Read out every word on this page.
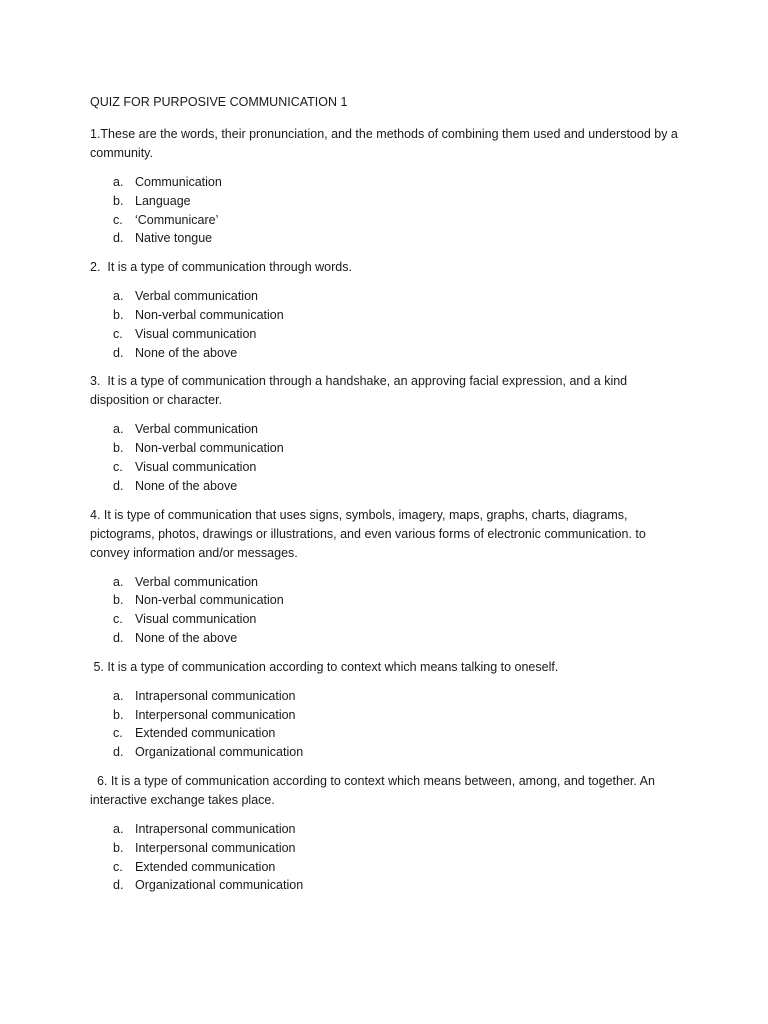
QUIZ FOR PURPOSIVE COMMUNICATION 1

1.These are the words, their pronunciation, and the methods of combining them used and understood by a community.

a. Communication
b. Language
c. ‘Communicare’
d. Native tongue

2.  It is a type of communication through words.

a. Verbal communication
b. Non-verbal communication
c. Visual communication
d. None of the above

3.  It is a type of communication through a handshake, an approving facial expression, and a kind disposition or character.

a. Verbal communication
b. Non-verbal communication
c. Visual communication
d. None of the above

4. It is type of communication that uses signs, symbols, imagery, maps, graphs, charts, diagrams, pictograms, photos, drawings or illustrations, and even various forms of electronic communication. to convey information and/or messages.

a. Verbal communication
b. Non-verbal communication
c. Visual communication
d. None of the above

5. It is a type of communication according to context which means talking to oneself.

a. Intrapersonal communication
b. Interpersonal communication
c. Extended communication
d. Organizational communication

6. It is a type of communication according to context which means between, among, and together. An interactive exchange takes place.

a. Intrapersonal communication
b. Interpersonal communication
c. Extended communication
d. Organizational communication
